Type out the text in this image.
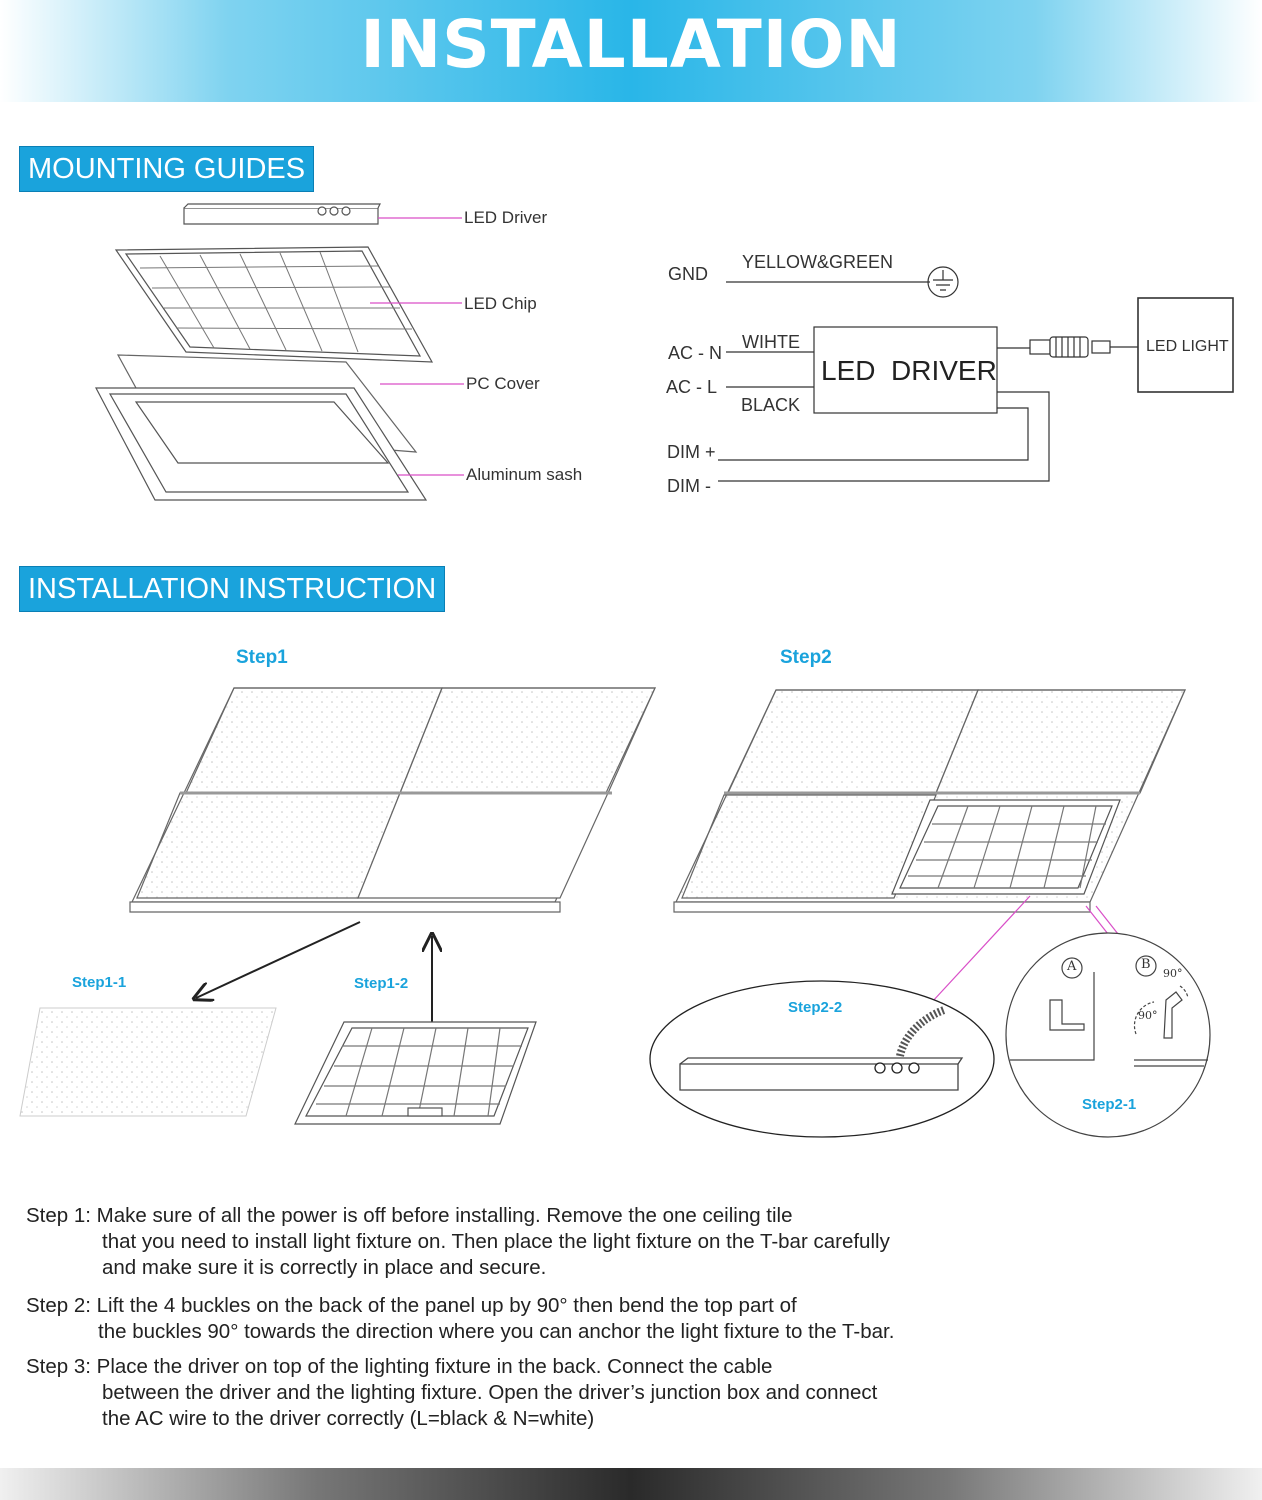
INSTALLATION
MOUNTING GUIDES
LED Driver
LED Chip
PC Cover
Aluminum sash
GND
YELLOW&GREEN
AC - N
WIHTE
AC - L
BLACK
LED  DRIVER
LED LIGHT
DIM +
DIM -
INSTALLATION INSTRUCTION
Step1	Step2
Step1-1	Step1-2
Step2-2
Step2-1
A	B
90°
90°
Step 1: Make sure of all the power is off before installing. Remove the one ceiling tile
that you need to install light fixture on. Then place the light fixture on the T-bar carefully
and make sure it is correctly in place and secure.
Step 2: Lift the 4 buckles on the back of the panel up by 90° then bend the top part of
the buckles 90° towards the direction where you can anchor the light fixture to the T-bar.
Step 3: Place the driver on top of the lighting fixture in the back. Connect the cable
between the driver and the lighting fixture. Open the driver’s junction box and connect
the AC wire to the driver correctly (L=black & N=white)
